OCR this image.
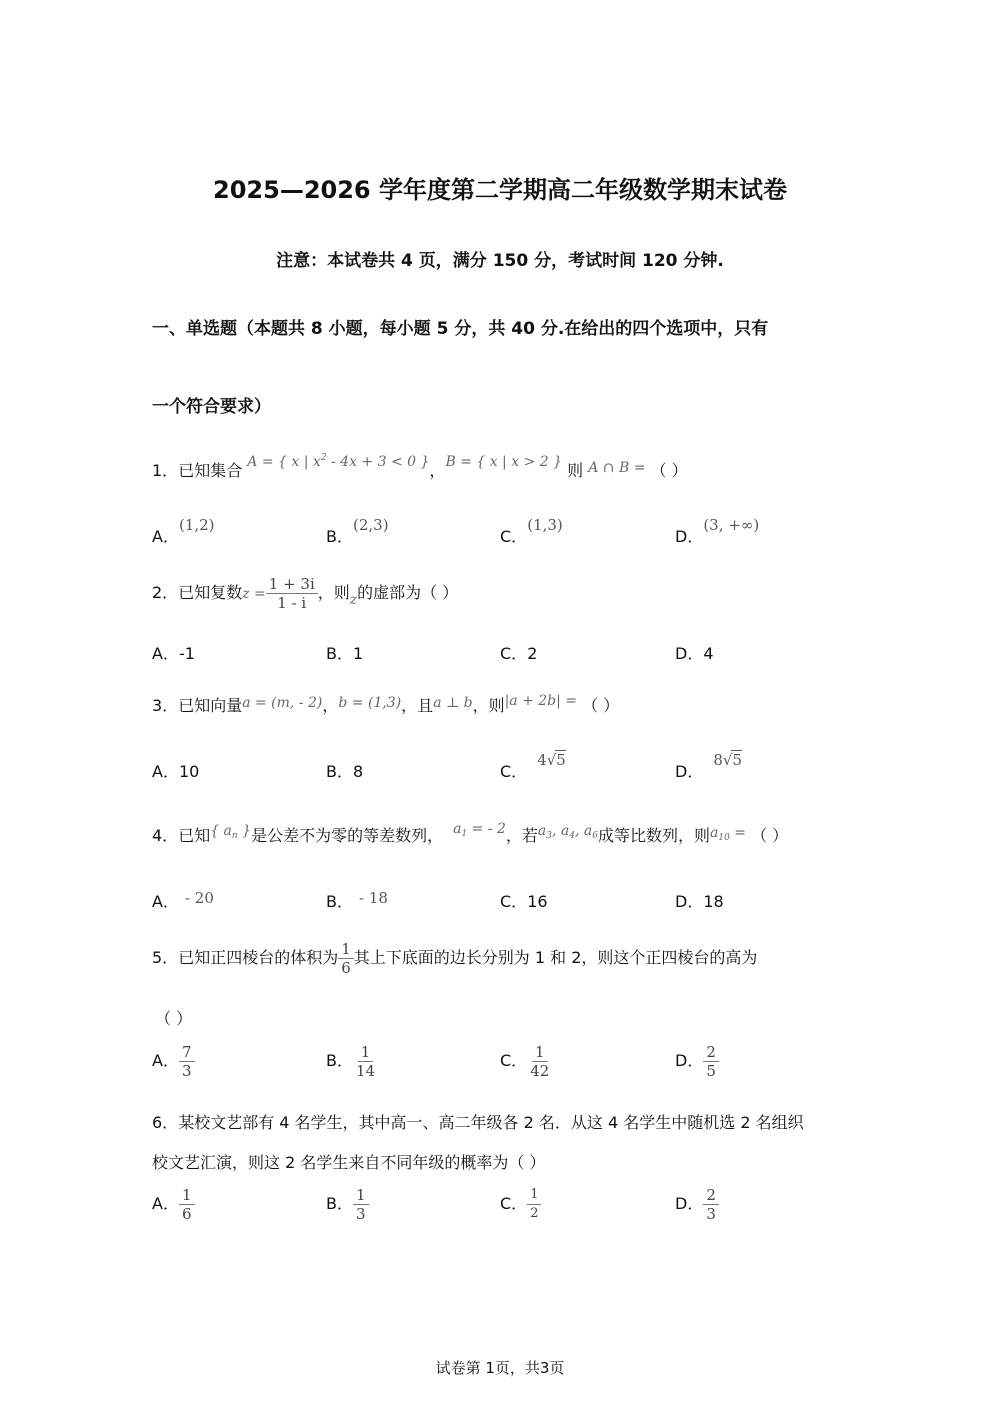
2025—2026 学年度第二学期高二年级数学期末试卷
注意：本试卷共 4 页，满分 150 分，考试时间 120 分钟.
一、单选题（本题共 8 小题，每小题 5 分，共 40 分.在给出的四个选项中，只有
一个符合要求）
1．已知集合 A = { x | $x^2 - 4x + 3 < 0$ }，B = { x | x > 2 } 则 A ∩ B = （ ）
A．(1,2)
B．(2,3)
C．(1,3)
D．(3, +∞)
2．已知复数$z = \frac{1 + 3i}{1 - i}$ ，则z的虚部为（ ）
A．-1	B．1	C．2	D．4
3．已知向量a = (m, - 2)，b = (1,3)，且a ⊥ b，则|a + 2b| = （ ）
A．10	B．8	C．4√5
D．8√5
4．已知{ $a_n$ }是公差不为零的等差数列， $a_1$ = - 2，若$a_3$, $a_4$, $a_6$成等比数列，则$a_{10}$ = （ ）
A． - 20	B． - 18	C．16	D．18
5．已知正四棱台的体积为 $\frac{1}{6}$ 其上下底面的边长分别为 1 和 2，则这个正四棱台的高为
（ ）
A． $\frac{7}{3}$	B． $\frac{1}{14}$	C． $\frac{1}{42}$	D． $\frac{2}{5}$
6．某校文艺部有 4 名学生，其中高一、高二年级各 2 名．从这 4 名学生中随机选 2 名组织
校文艺汇演，则这 2 名学生来自不同年级的概率为（ ）
A． $\frac{1}{6}$	B． $\frac{1}{3}$	C． $\frac{1}{2}$	D． $\frac{2}{3}$
试卷第 1页，共3页
